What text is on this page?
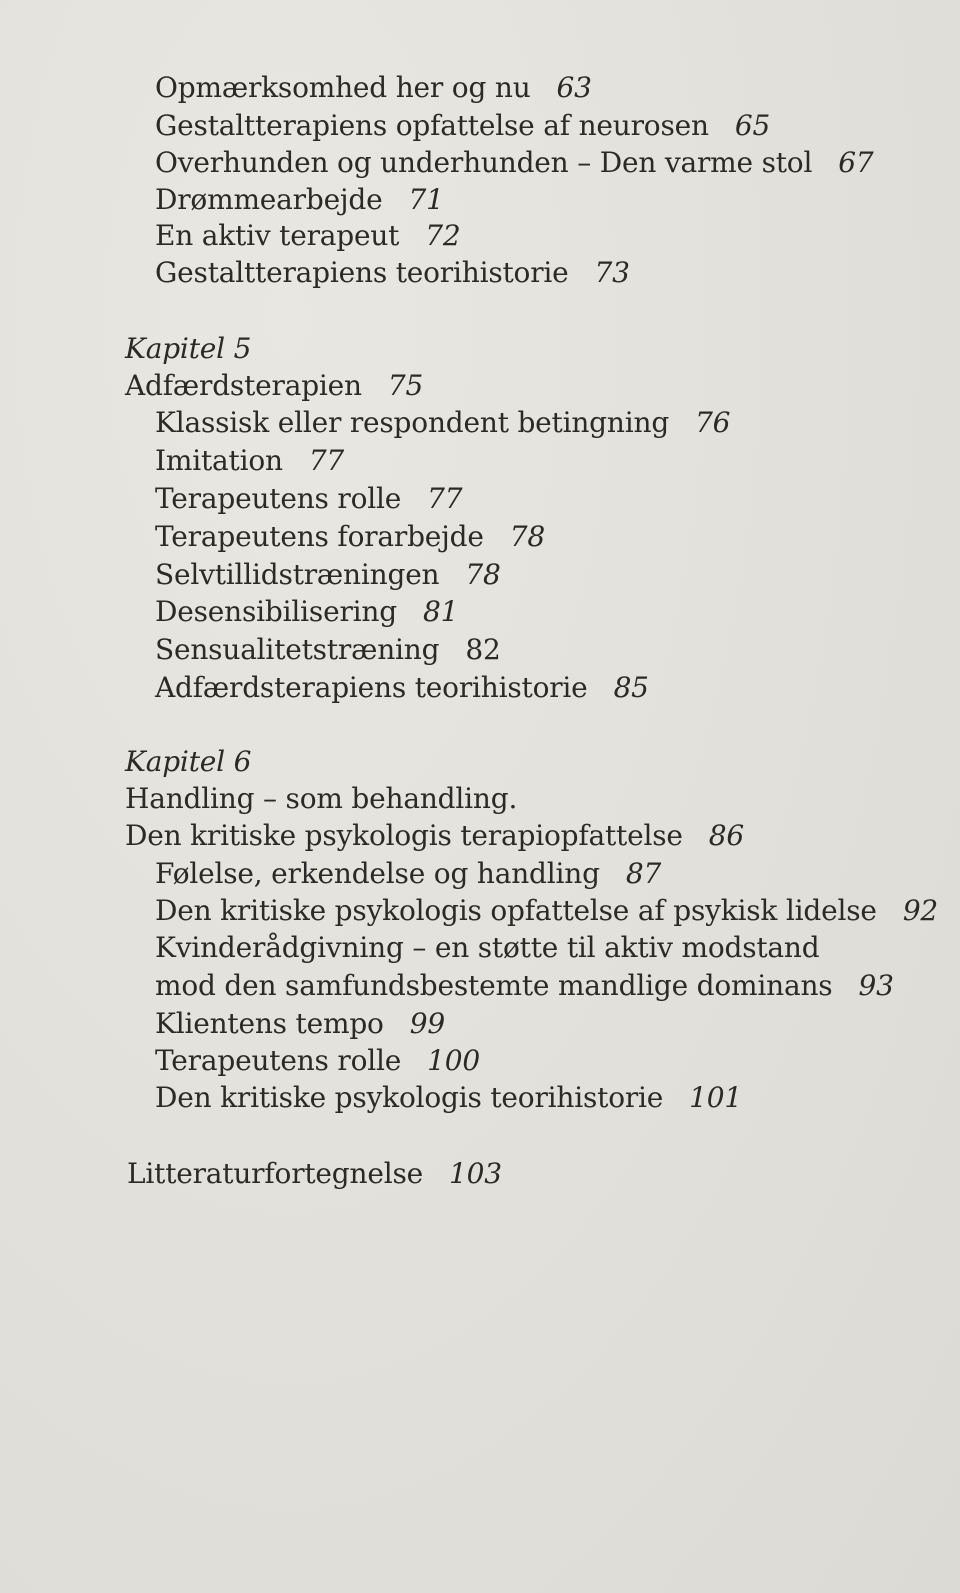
Opmærksomhed her og nu 63
Gestaltterapiens opfattelse af neurosen 65
Overhunden og underhunden – Den varme stol 67
Drømmearbejde 71
En aktiv terapeut 72
Gestaltterapiens teorihistorie 73
Kapitel 5
Adfærdsterapien 75
Klassisk eller respondent betingning 76
Imitation 77
Terapeutens rolle 77
Terapeutens forarbejde 78
Selvtillidstræningen 78
Desensibilisering 81
Sensualitetstræning 82
Adfærdsterapiens teorihistorie 85
Kapitel 6
Handling – som behandling.
Den kritiske psykologis terapiopfattelse 86
Følelse, erkendelse og handling 87
Den kritiske psykologis opfattelse af psykisk lidelse 92
Kvinderådgivning – en støtte til aktiv modstand
mod den samfundsbestemte mandlige dominans 93
Klientens tempo 99
Terapeutens rolle 100
Den kritiske psykologis teorihistorie 101
Litteraturfortegnelse 103
